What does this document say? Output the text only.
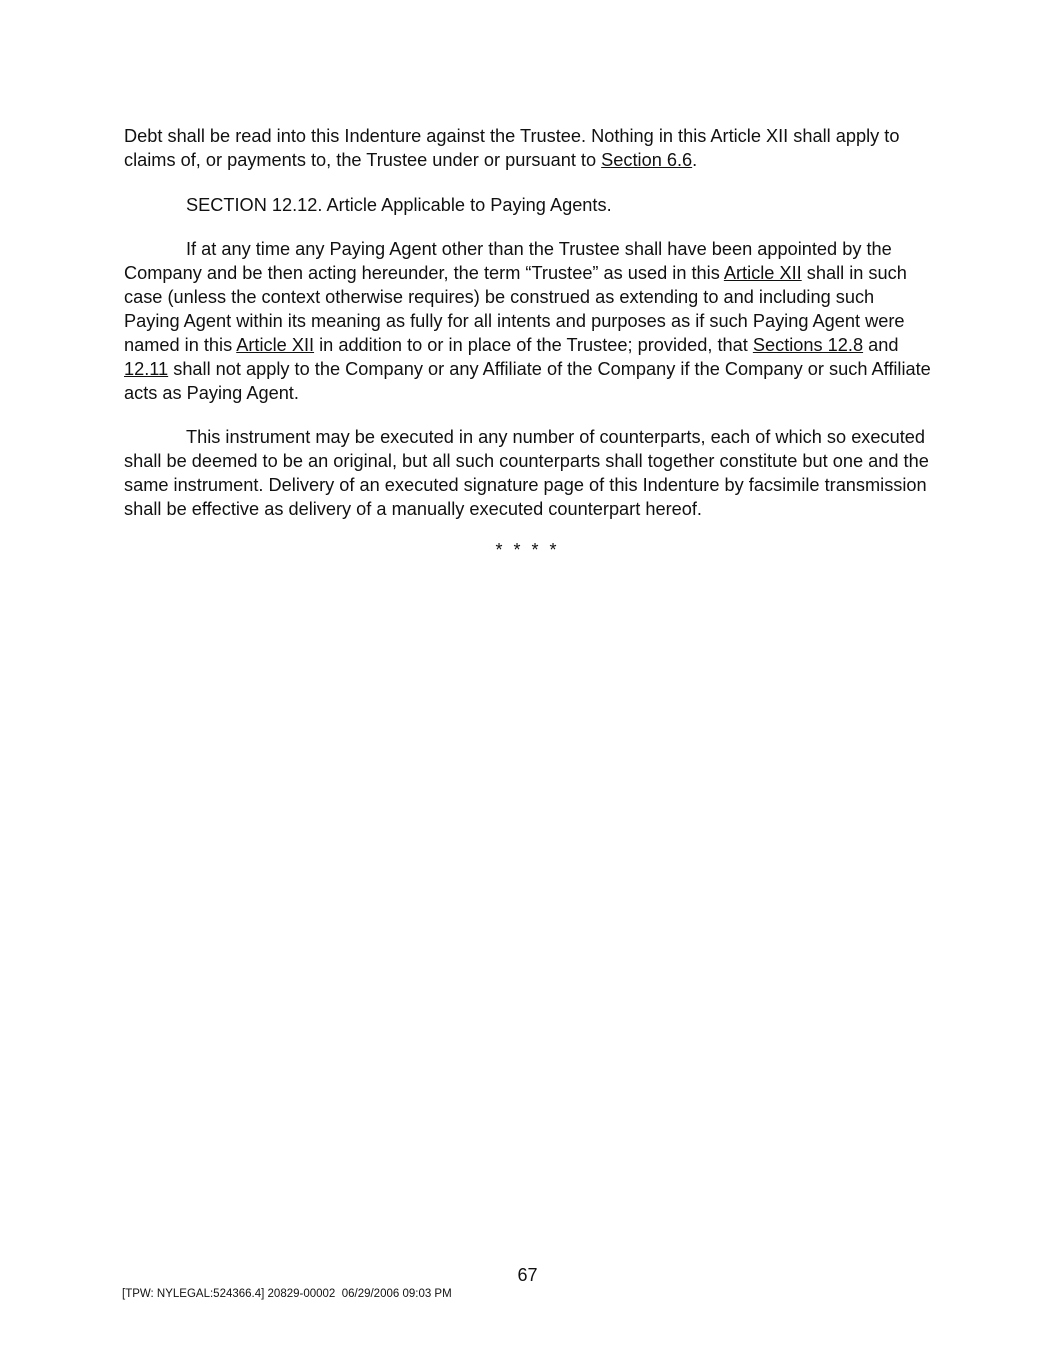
Debt shall be read into this Indenture against the Trustee. Nothing in this Article XII shall apply to claims of, or payments to, the Trustee under or pursuant to Section 6.6.

SECTION 12.12. Article Applicable to Paying Agents.

If at any time any Paying Agent other than the Trustee shall have been appointed by the Company and be then acting hereunder, the term “Trustee” as used in this Article XII shall in such case (unless the context otherwise requires) be construed as extending to and including such Paying Agent within its meaning as fully for all intents and purposes as if such Paying Agent were named in this Article XII in addition to or in place of the Trustee; provided, that Sections 12.8 and 12.11 shall not apply to the Company or any Affiliate of the Company if the Company or such Affiliate acts as Paying Agent.

This instrument may be executed in any number of counterparts, each of which so executed shall be deemed to be an original, but all such counterparts shall together constitute but one and the same instrument. Delivery of an executed signature page of this Indenture by facsimile transmission shall be effective as delivery of a manually executed counterpart hereof.

* * * *
67
[TPW: NYLEGAL:524366.4] 20829-00002  06/29/2006 09:03 PM
